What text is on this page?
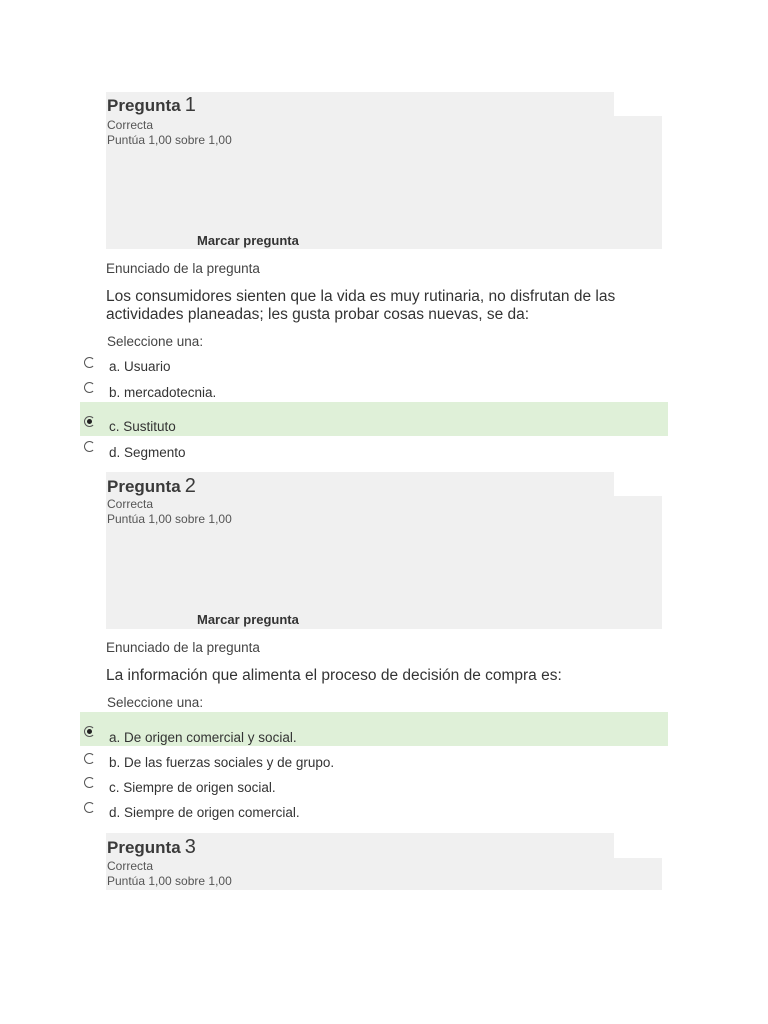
Pregunta 1
Correcta
Puntúa 1,00 sobre 1,00
Marcar pregunta
Enunciado de la pregunta
Los consumidores sienten que la vida es muy rutinaria, no disfrutan de las
actividades planeadas; les gusta probar cosas nuevas, se da:
Seleccione una:
a. Usuario
b. mercadotecnia.
c. Sustituto
d. Segmento
Pregunta 2
Correcta
Puntúa 1,00 sobre 1,00
Marcar pregunta
Enunciado de la pregunta
La información que alimenta el proceso de decisión de compra es:
Seleccione una:
a. De origen comercial y social.
b. De las fuerzas sociales y de grupo.
c. Siempre de origen social.
d. Siempre de origen comercial.
Pregunta 3
Correcta
Puntúa 1,00 sobre 1,00
